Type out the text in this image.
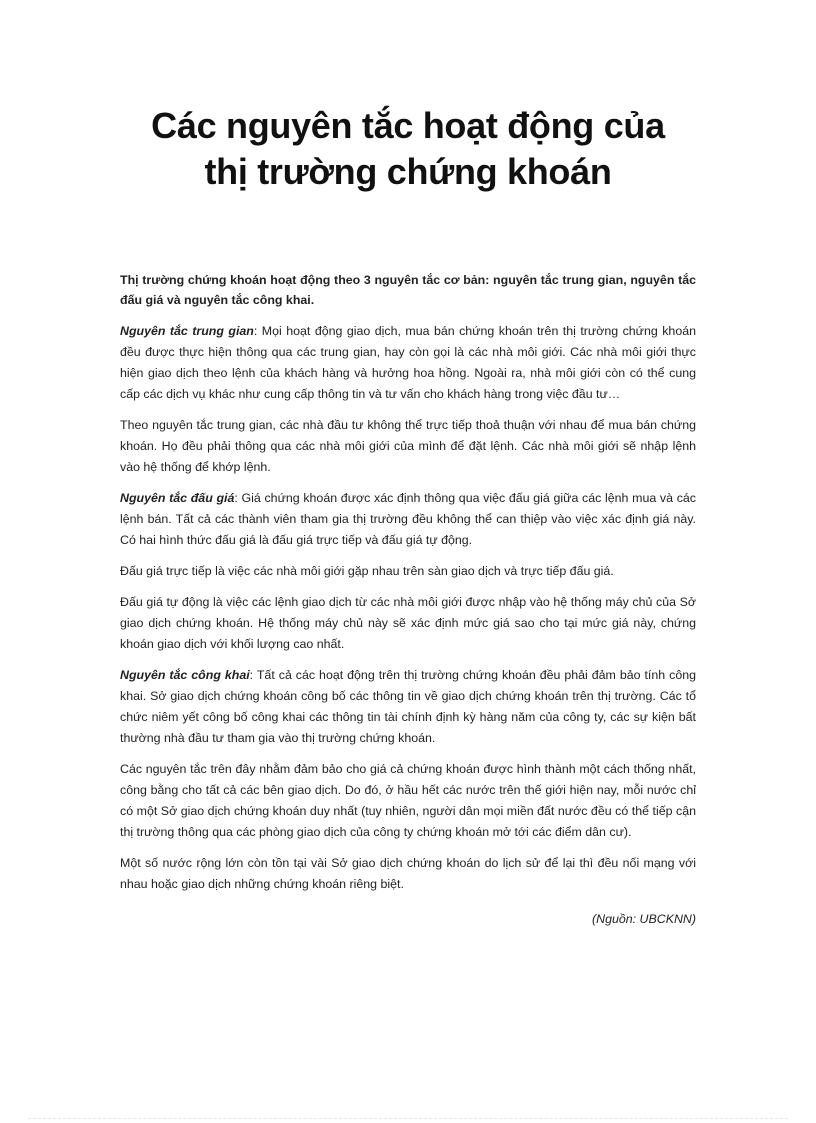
Các nguyên tắc hoạt động của
thị trường chứng khoán

Thị trường chứng khoán hoạt động theo 3 nguyên tắc cơ bản: nguyên tắc trung gian, nguyên tắc đấu giá và nguyên tắc công khai.

Nguyên tắc trung gian: Mọi hoạt động giao dịch, mua bán chứng khoán trên thị trường chứng khoán đều được thực hiện thông qua các trung gian, hay còn gọi là các nhà môi giới. Các nhà môi giới thực hiện giao dịch theo lệnh của khách hàng và hưởng hoa hồng. Ngoài ra, nhà môi giới còn có thể cung cấp các dịch vụ khác như cung cấp thông tin và tư vấn cho khách hàng trong việc đầu tư…

Theo nguyên tắc trung gian, các nhà đầu tư không thể trực tiếp thoả thuận với nhau để mua bán chứng khoán. Họ đều phải thông qua các nhà môi giới của mình để đặt lệnh. Các nhà môi giới sẽ nhập lệnh vào hệ thống để khớp lệnh.

Nguyên tắc đấu giá: Giá chứng khoán được xác định thông qua việc đấu giá giữa các lệnh mua và các lệnh bán. Tất cả các thành viên tham gia thị trường đều không thể can thiệp vào việc xác định giá này. Có hai hình thức đấu giá là đấu giá trực tiếp và đấu giá tự động.

Đấu giá trực tiếp là việc các nhà môi giới gặp nhau trên sàn giao dịch và trực tiếp đấu giá.

Đấu giá tự động là việc các lệnh giao dịch từ các nhà môi giới được nhập vào hệ thống máy chủ của Sở giao dịch chứng khoán. Hệ thống máy chủ này sẽ xác định mức giá sao cho tại mức giá này, chứng khoán giao dịch với khối lượng cao nhất.

Nguyên tắc công khai: Tất cả các hoạt động trên thị trường chứng khoán đều phải đảm bảo tính công khai. Sở giao dịch chứng khoán công bố các thông tin về giao dịch chứng khoán trên thị trường. Các tổ chức niêm yết công bố công khai các thông tin tài chính định kỳ hàng năm của công ty, các sự kiện bất thường nhà đầu tư tham gia vào thị trường chứng khoán.

Các nguyên tắc trên đây nhằm đảm bảo cho giá cả chứng khoán được hình thành một cách thống nhất, công bằng cho tất cả các bên giao dịch. Do đó, ở hầu hết các nước trên thế giới hiện nay, mỗi nước chỉ có một Sở giao dịch chứng khoán duy nhất (tuy nhiên, người dân mọi miền đất nước đều có thể tiếp cận thị trường thông qua các phòng giao dịch của công ty chứng khoán mở tới các điểm dân cư).

Một số nước rộng lớn còn tồn tại vài Sở giao dịch chứng khoán do lịch sử để lại thì đều nối mạng với nhau hoặc giao dịch những chứng khoán riêng biệt.

(Nguồn: UBCKNN)
